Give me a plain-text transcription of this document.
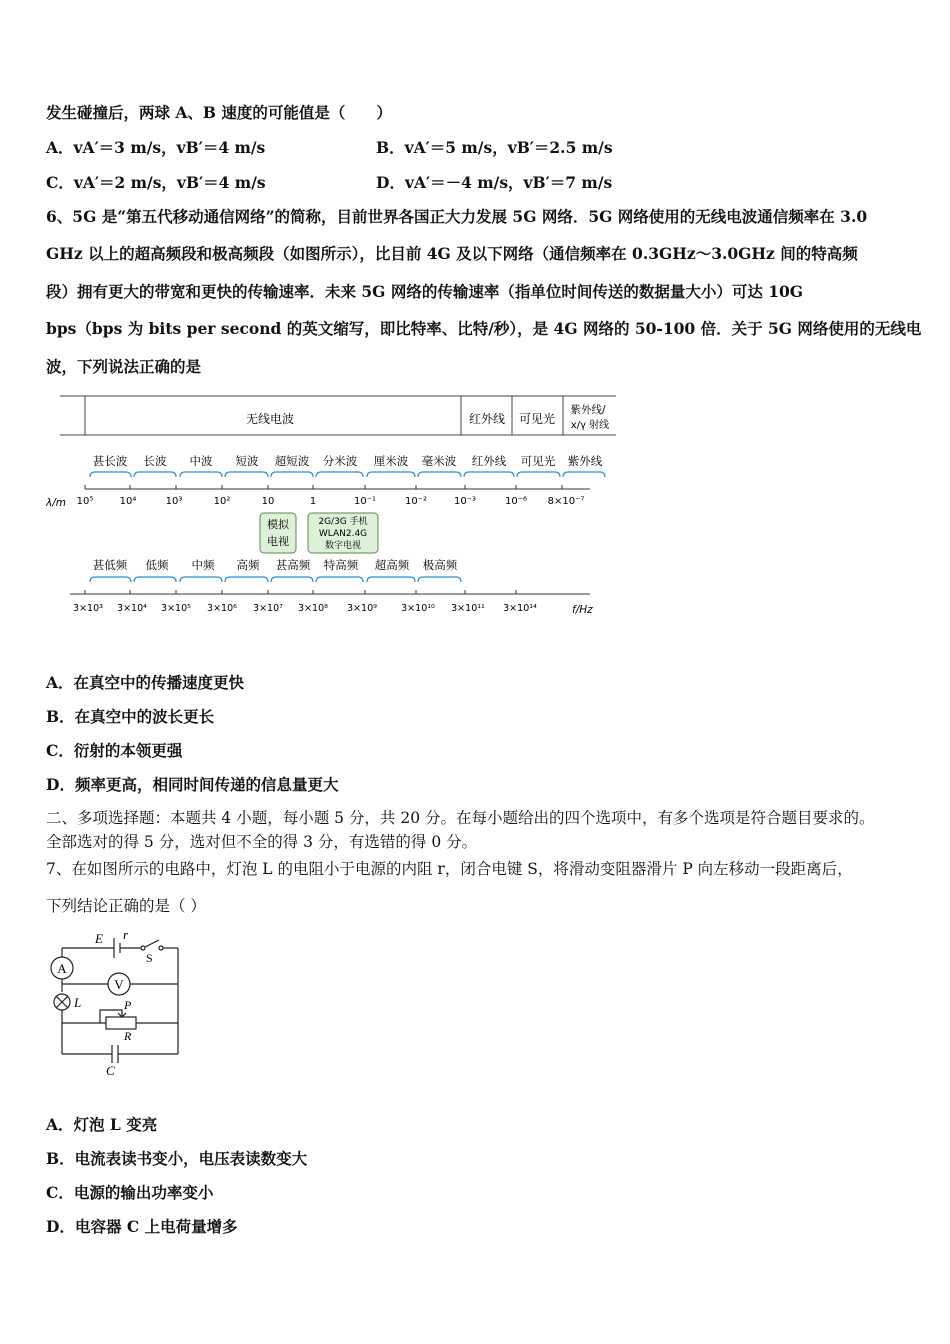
发生碰撞后，两球 A、B 速度的可能值是（　　）
A．vA′＝3 m/s，vB′＝4 m/s	B．vA′＝5 m/s，vB′＝2.5 m/s
C．vA′＝2 m/s，vB′＝4 m/s	D．vA′＝－4 m/s，vB′＝7 m/s
6、5G 是“第五代移动通信网络”的简称，目前世界各国正大力发展 5G 网络．5G 网络使用的无线电波通信频率在 3.0
GHz 以上的超高频段和极高频段（如图所示），比目前 4G 及以下网络（通信频率在 0.3GHz～3.0GHz 间的特高频
段）拥有更大的带宽和更快的传输速率．未来 5G 网络的传输速率（指单位时间传送的数据量大小）可达 10G
bps（bps 为 bits per second 的英文缩写，即比特率、比特/秒），是 4G 网络的 50-100 倍．关于 5G 网络使用的无线电
波，下列说法正确的是
无线电波	红外线 可见光
紫外线/
x/γ 射线
甚长波 长波 中波 短波 超短波 分米波 厘米波 毫米波 红外线 可见光 紫外线
λ/m 10⁵	10⁴	10³	10²	10	1	10⁻¹	10⁻²	10⁻³	10⁻⁶ 8×10⁻⁷
模拟
电视
2G/3G 手机
WLAN2.4G
数字电视
甚低频 低频 中频 高频 甚高频 特高频 超高频 极高频
3×10³ 3×10⁴ 3×10⁵ 3×10⁶ 3×10⁷ 3×10⁸ 3×10⁹	3×10¹⁰ 3×10¹¹ 3×10¹⁴	f/Hz
A．在真空中的传播速度更快
B．在真空中的波长更长
C．衍射的本领更强
D．频率更高，相同时间传递的信息量更大
二、多项选择题：本题共 4 小题，每小题 5 分，共 20 分。在每小题给出的四个选项中，有多个选项是符合题目要求的。
全部选对的得 5 分，选对但不全的得 3 分，有选错的得 0 分。
7、在如图所示的电路中，灯泡 L 的电阻小于电源的内阻 r，闭合电键 S，将滑动变阻器滑片 P 向左移动一段距离后，
下列结论正确的是（ ）
E r
S
A
V
L	P
R
C
A．灯泡 L 变亮
B．电流表读书变小，电压表读数变大
C．电源的输出功率变小
D．电容器 C 上电荷量增多
